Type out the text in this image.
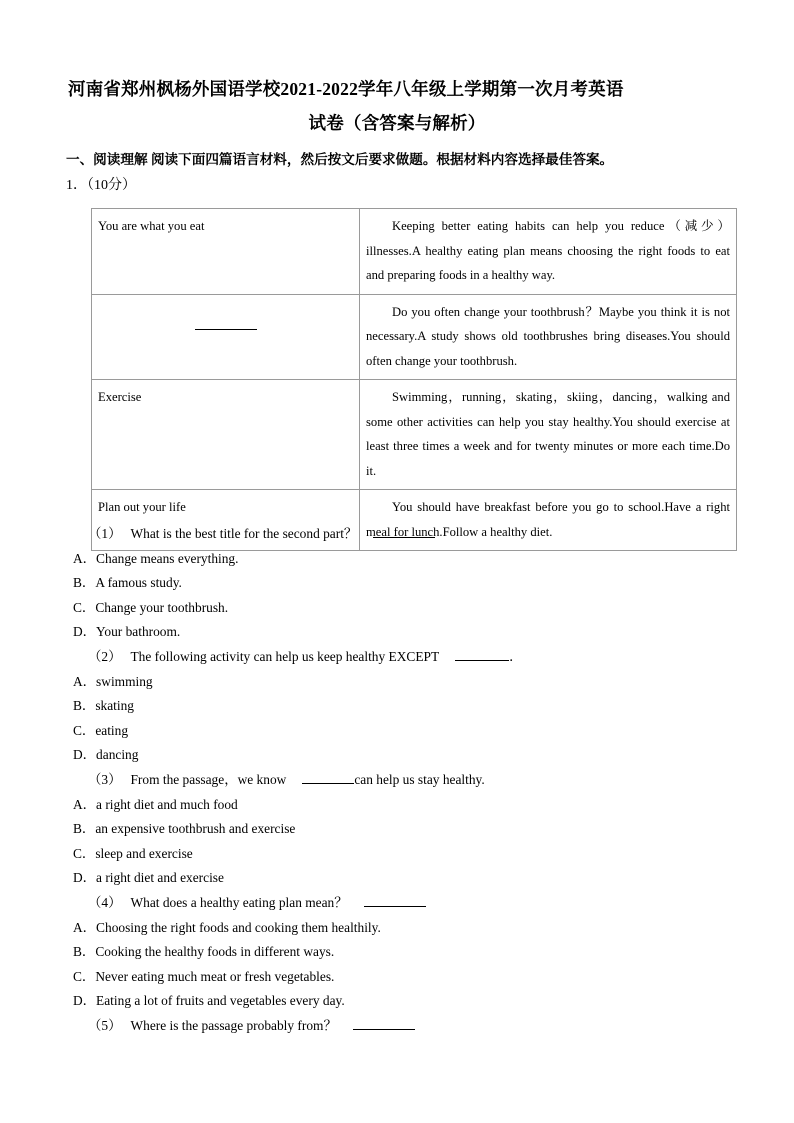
河南省郑州枫杨外国语学校2021-2022学年八年级上学期第一次月考英语
试卷（含答案与解析）
一、阅读理解 阅读下面四篇语言材料，然后按文后要求做题。根据材料内容选择最佳答案。
1．（10分）
You are what you eat	Keeping better eating habits can help you reduce（减少）illnesses.A healthy eating plan means choosing the right foods to eat and preparing foods in a healthy way.

	Do you often change your toothbrush？Maybe you think it is not necessary.A study shows old toothbrushes bring diseases.You should often change your toothbrush.
Exercise	Swimming，running，skating，skiing，dancing，walking and some other activities can help you stay healthy.You should exercise at least three times a week and for twenty minutes or more each time.Do it.
Plan out your life	You should have breakfast before you go to school.Have a right meal for lunch.Follow a healthy diet.
（1） What is the best title for the second part？
A．Change means everything.
B．A famous study.
C．Change your toothbrush.
D．Your bathroom.
（2） The following activity can help us keep healthy EXCEPT	．
A．swimming
B．skating
C．eating
D．dancing
（3） From the passage，we know	can help us stay healthy.
A．a right diet and much food
B．an expensive toothbrush and exercise
C．sleep and exercise
D．a right diet and exercise
（4） What does a healthy eating plan mean？
A．Choosing the right foods and cooking them healthily.
B．Cooking the healthy foods in different ways.
C．Never eating much meat or fresh vegetables.
D．Eating a lot of fruits and vegetables every day.
（5） Where is the passage probably from？
